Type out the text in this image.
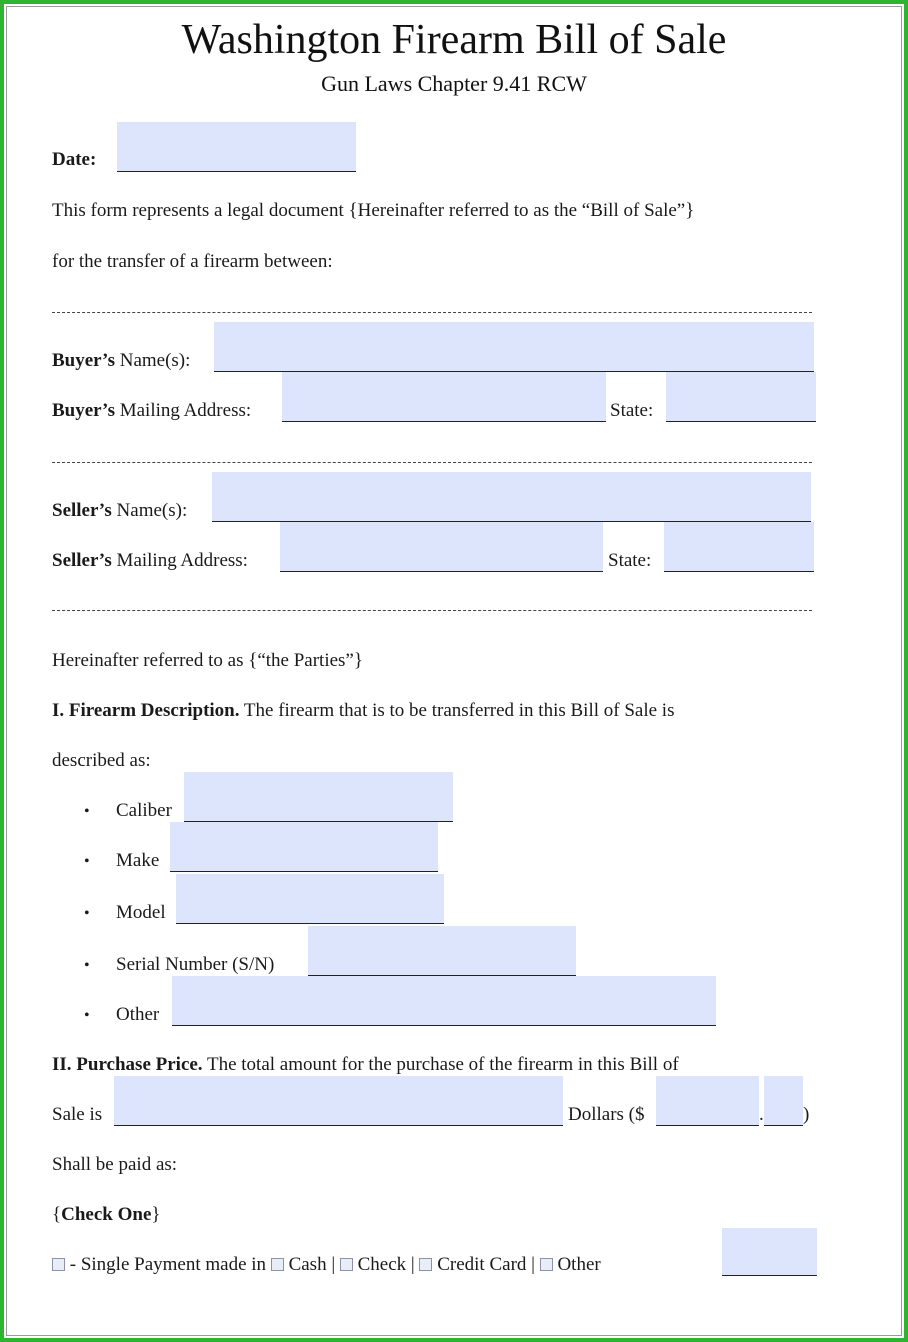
Washington Firearm Bill of Sale
Gun Laws Chapter 9.41 RCW
Date:
This form represents a legal document {Hereinafter referred to as the “Bill of Sale”}
for the transfer of a firearm between:
Buyer’s Name(s):
Buyer’s Mailing Address:	State:
Seller’s Name(s):
Seller’s Mailing Address:	State:
Hereinafter referred to as {“the Parties”}
I. Firearm Description. The firearm that is to be transferred in this Bill of Sale is
described as:
• Caliber
• Make
• Model
• Serial Number (S/N)
• Other
II. Purchase Price. The total amount for the purchase of the firearm in this Bill of
Sale is	Dollars ($	. )
Shall be paid as:
{Check One}
- Single Payment made in  Cash |  Check |  Credit Card |  Other
